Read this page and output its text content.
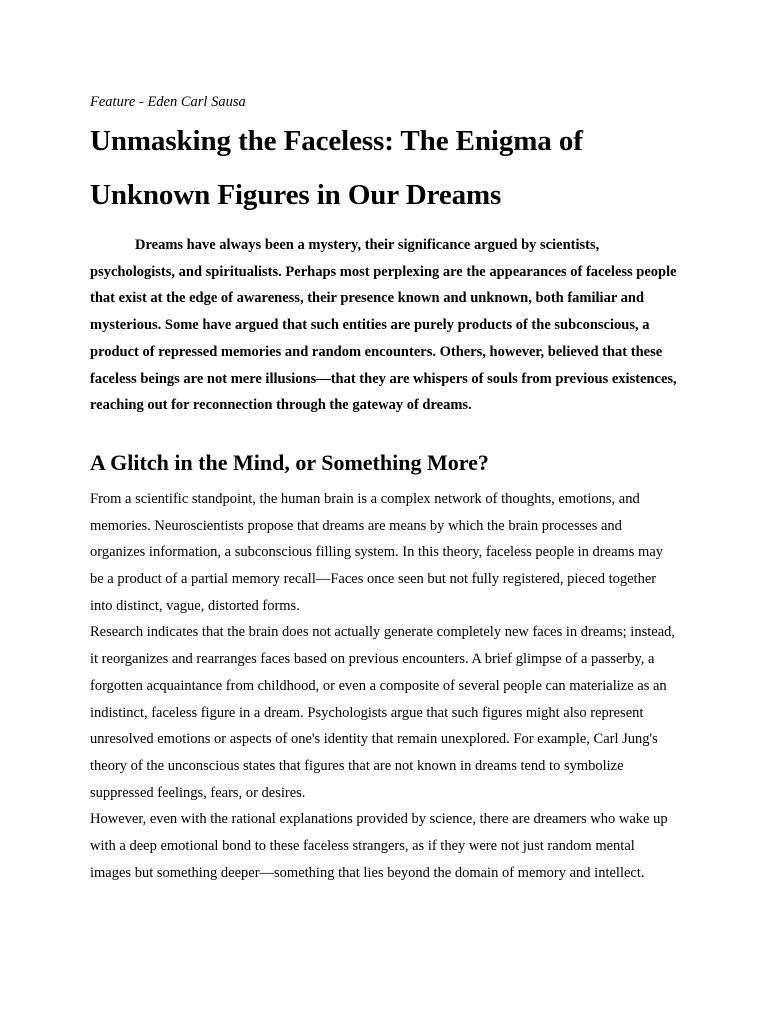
Feature - Eden Carl Sausa

Unmasking the Faceless: The Enigma of Unknown Figures in Our Dreams

Dreams have always been a mystery, their significance argued by scientists, psychologists, and spiritualists. Perhaps most perplexing are the appearances of faceless people that exist at the edge of awareness, their presence known and unknown, both familiar and mysterious. Some have argued that such entities are purely products of the subconscious, a product of repressed memories and random encounters. Others, however, believed that these faceless beings are not mere illusions—that they are whispers of souls from previous existences, reaching out for reconnection through the gateway of dreams.

A Glitch in the Mind, or Something More?

From a scientific standpoint, the human brain is a complex network of thoughts, emotions, and memories. Neuroscientists propose that dreams are means by which the brain processes and organizes information, a subconscious filling system. In this theory, faceless people in dreams may be a product of a partial memory recall—Faces once seen but not fully registered, pieced together into distinct, vague, distorted forms.

Research indicates that the brain does not actually generate completely new faces in dreams; instead, it reorganizes and rearranges faces based on previous encounters. A brief glimpse of a passerby, a forgotten acquaintance from childhood, or even a composite of several people can materialize as an indistinct, faceless figure in a dream. Psychologists argue that such figures might also represent unresolved emotions or aspects of one's identity that remain unexplored. For example, Carl Jung's theory of the unconscious states that figures that are not known in dreams tend to symbolize suppressed feelings, fears, or desires.

However, even with the rational explanations provided by science, there are dreamers who wake up with a deep emotional bond to these faceless strangers, as if they were not just random mental images but something deeper—something that lies beyond the domain of memory and intellect.
